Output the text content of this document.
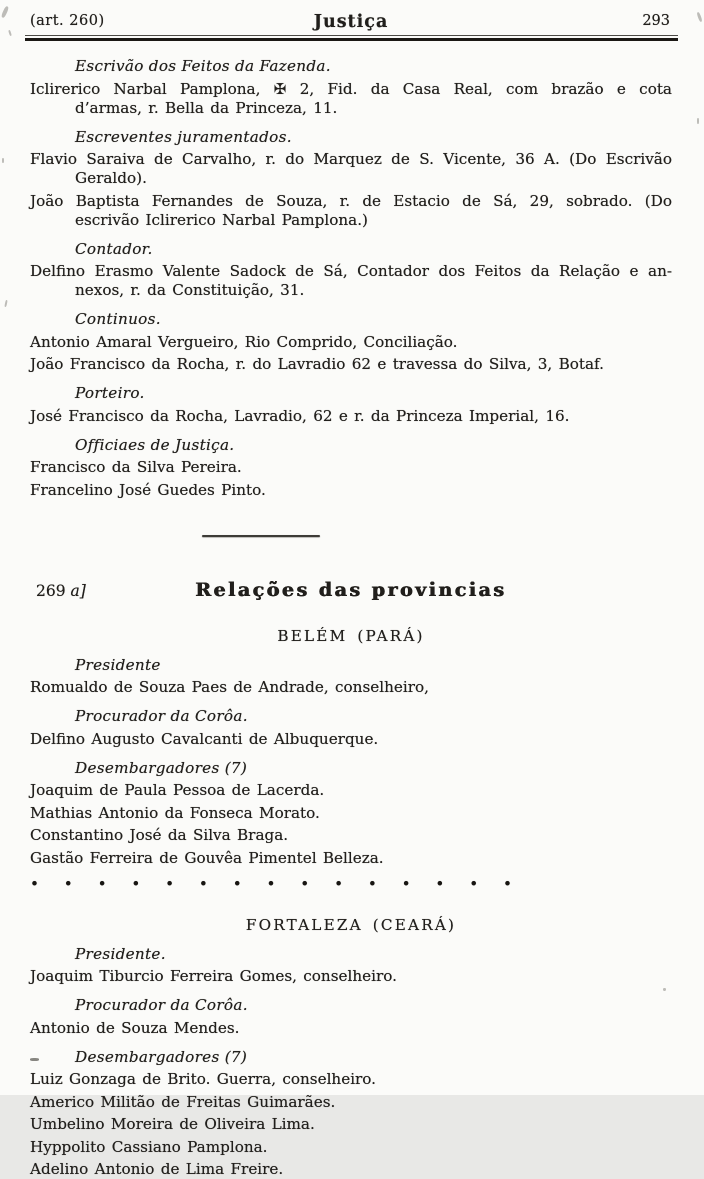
(art. 260)	Justiça	293
Escrivão dos Feitos da Fazenda.
Iclirerico Narbal Pamplona, ✠ 2, Fid. da Casa Real, com brazão e cota
d’armas, r. Bella da Princeza, 11.
Escreventes juramentados.
Flavio Saraiva de Carvalho, r. do Marquez de S. Vicente, 36 A. (Do Escrivão
Geraldo).
João Baptista Fernandes de Souza, r. de Estacio de Sá, 29, sobrado. (Do
escrivão Iclirerico Narbal Pamplona.)
Contador.
Delfino Erasmo Valente Sadock de Sá, Contador dos Feitos da Relação e an-
nexos, r. da Constituição, 31.
Continuos.
Antonio Amaral Vergueiro, Rio Comprido, Conciliação.
João Francisco da Rocha, r. do Lavradio 62 e travessa do Silva, 3, Botaf.
Porteiro.
José Francisco da Rocha, Lavradio, 62 e r. da Princeza Imperial, 16.
Officiaes de Justiça.
Francisco da Silva Pereira.
Francelino José Guedes Pinto.
269 a]	Relações das provincias
BELÉM (PARÁ)
Presidente
Romualdo de Souza Paes de Andrade, conselheiro,
Procurador da Corôa.
Delfino Augusto Cavalcanti de Albuquerque.
Desembargadores (7)
Joaquim de Paula Pessoa de Lacerda.
Mathias Antonio da Fonseca Morato.
Constantino José da Silva Braga.
Gastão Ferreira de Gouvêa Pimentel Belleza.
• • • • • • • • • • • • • • •
FORTALEZA (CEARÁ)
Presidente.
Joaquim Tiburcio Ferreira Gomes, conselheiro.
Procurador da Corôa.
Antonio de Souza Mendes.
Desembargadores (7)
Luiz Gonzaga de Brito. Guerra, conselheiro.
Americo Militão de Freitas Guimarães.
Umbelino Moreira de Oliveira Lima.
Hyppolito Cassiano Pamplona.
Adelino Antonio de Lima Freire.
